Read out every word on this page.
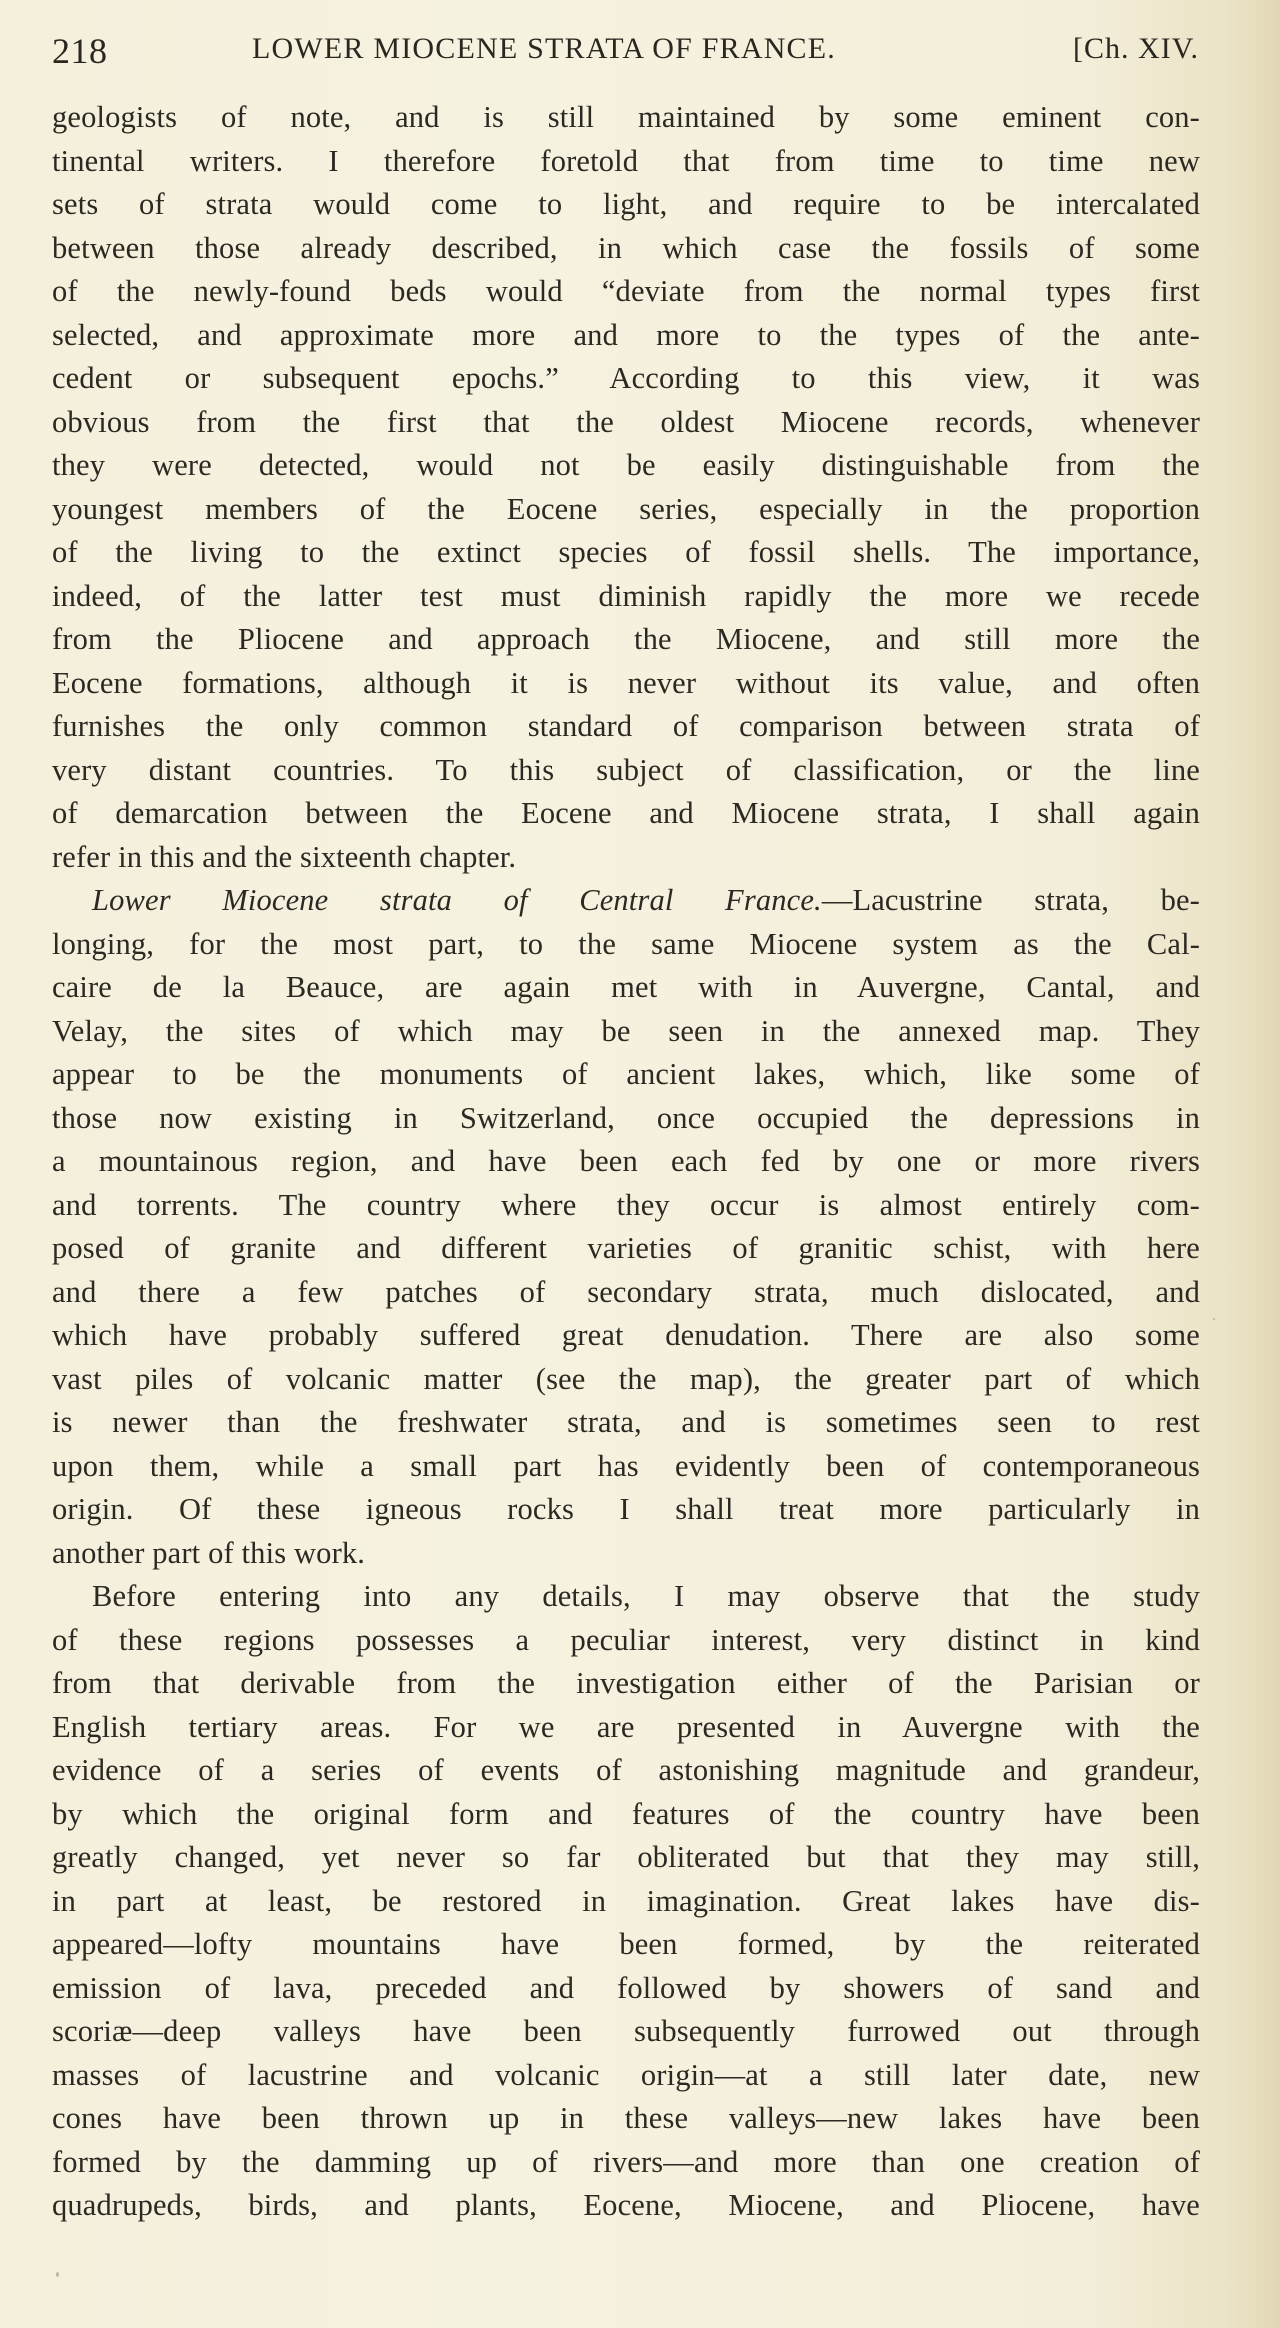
218	LOWER MIOCENE STRATA OF FRANCE.	[Ch. XIV.
geologists of note, and is still maintained by some eminent con-
tinental writers. I therefore foretold that from time to time new
sets of strata would come to light, and require to be intercalated
between those already described, in which case the fossils of some
of the newly-found beds would “deviate from the normal types first
selected, and approximate more and more to the types of the ante-
cedent or subsequent epochs.” According to this view, it was
obvious from the first that the oldest Miocene records, whenever
they were detected, would not be easily distinguishable from the
youngest members of the Eocene series, especially in the proportion
of the living to the extinct species of fossil shells. The importance,
indeed, of the latter test must diminish rapidly the more we recede
from the Pliocene and approach the Miocene, and still more the
Eocene formations, although it is never without its value, and often
furnishes the only common standard of comparison between strata of
very distant countries. To this subject of classification, or the line
of demarcation between the Eocene and Miocene strata, I shall again
refer in this and the sixteenth chapter.
Lower Miocene strata of Central France.—Lacustrine strata, be-
longing, for the most part, to the same Miocene system as the Cal-
caire de la Beauce, are again met with in Auvergne, Cantal, and
Velay, the sites of which may be seen in the annexed map. They
appear to be the monuments of ancient lakes, which, like some of
those now existing in Switzerland, once occupied the depressions in
a mountainous region, and have been each fed by one or more rivers
and torrents. The country where they occur is almost entirely com-
posed of granite and different varieties of granitic schist, with here
and there a few patches of secondary strata, much dislocated, and
which have probably suffered great denudation. There are also some
vast piles of volcanic matter (see the map), the greater part of which
is newer than the freshwater strata, and is sometimes seen to rest
upon them, while a small part has evidently been of contemporaneous
origin. Of these igneous rocks I shall treat more particularly in
another part of this work.
Before entering into any details, I may observe that the study
of these regions possesses a peculiar interest, very distinct in kind
from that derivable from the investigation either of the Parisian or
English tertiary areas. For we are presented in Auvergne with the
evidence of a series of events of astonishing magnitude and grandeur,
by which the original form and features of the country have been
greatly changed, yet never so far obliterated but that they may still,
in part at least, be restored in imagination. Great lakes have dis-
appeared—lofty mountains have been formed, by the reiterated
emission of lava, preceded and followed by showers of sand and
scoriæ—deep valleys have been subsequently furrowed out through
masses of lacustrine and volcanic origin—at a still later date, new
cones have been thrown up in these valleys—new lakes have been
formed by the damming up of rivers—and more than one creation of
quadrupeds, birds, and plants, Eocene, Miocene, and Pliocene, have
